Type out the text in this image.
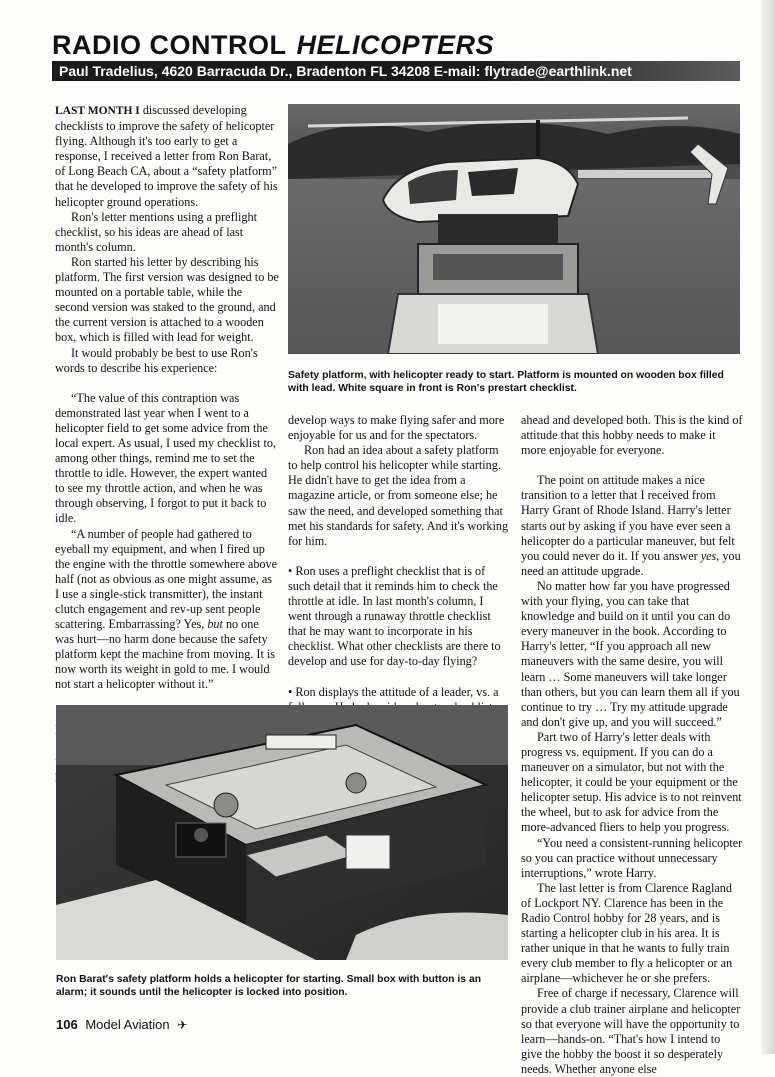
RADIO CONTROL HELICOPTERS
Paul Tradelius, 4620 Barracuda Dr., Bradenton FL 34208 E-mail: flytrade@earthlink.net

Safety platform, with helicopter ready to start. Platform is mounted on wooden box filled with lead. White square in front is Ron's prestart checklist.

LAST MONTH I discussed developing checklists to improve the safety of helicopter flying. Although it's too early to get a response, I received a letter from Ron Barat, of Long Beach CA, about a “safety platform” that he developed to improve the safety of his helicopter ground operations.

Ron's letter mentions using a preflight checklist, so his ideas are ahead of last month's column.

Ron started his letter by describing his platform. The first version was designed to be mounted on a portable table, while the second version was staked to the ground, and the current version is attached to a wooden box, which is filled with lead for weight.

It would probably be best to use Ron's words to describe his experience:

“The value of this contraption was demonstrated last year when I went to a helicopter field to get some advice from the local expert. As usual, I used my checklist to, among other things, remind me to set the throttle to idle. However, the expert wanted to see my throttle action, and when he was through observing, I forgot to put it back to idle.

“A number of people had gathered to eyeball my equipment, and when I fired up the engine with the throttle somewhere above half (not as obvious as one might assume, as I use a single-stick transmitter), the instant clutch engagement and rev-up sent people scattering. Embarrassing? Yes, but no one was hurt—no harm done because the safety platform kept the machine from moving. It is now worth its weight in gold to me. I would not start a helicopter without it.”

develop ways to make flying safer and more enjoyable for us and for the spectators.

Ron had an idea about a safety platform to help control his helicopter while starting. He didn't have to get the idea from a magazine article, or from someone else; he saw the need, and developed something that met his standards for safety. And it's working for him.

• Ron uses a preflight checklist that is of such detail that it reminds him to check the throttle at idle. In last month's column, I went through a runaway throttle checklist that he may want to incorporate in his checklist. What other checklists are there to develop and use for day-to-day flying?

• Ron displays the attitude of a leader, vs. a

ahead and developed both. This is the kind of attitude that this hobby needs to make it more enjoyable for everyone.

The point on attitude makes a nice transition to a letter that I received from Harry Grant of Rhode Island. Harry's letter starts out by asking if you have ever seen a helicopter do a particular maneuver, but felt you could never do it. If you answer yes, you need an attitude upgrade.

No matter how far you have progressed with your flying, you can take that knowledge and build on it until you can do every maneuver in the book. According to Harry's letter, “If you approach all new maneuvers with the same desire, you will learn … Some maneuvers will take longer than others, but you can learn them all if you continue to try … Try my attitude upgrade and don't give up, and you will succeed.”

Part two of Harry's letter deals with progress vs. equipment. If you can do a maneuver on a simulator, but not with the helicopter, it could be your equipment or the helicopter setup. His advice is to not reinvent the wheel, but to ask for advice from the more-advanced fliers to help you progress.

“You need a consistent-running helicopter so you can practice without unnecessary interruptions,” wrote Harry.

The last letter is from Clarence Ragland of Lockport NY. Clarence has been in the Radio Control hobby for 28 years, and is starting a helicopter club in his area. It is rather unique in that he wants to fully train every club member to fly a helicopter or an airplane—whichever he or she prefers.

Free of charge if necessary, Clarence will provide a club trainer airplane and helicopter so that everyone will have the opportunity to learn—hands-on. “That's how I intend to give the hobby the boost it so desperately needs. Whether anyone else

Ron Barat's safety platform holds a helicopter for starting. Small box with button is an alarm; it sounds until the helicopter is locked into position.

106 Model Aviation ✈
